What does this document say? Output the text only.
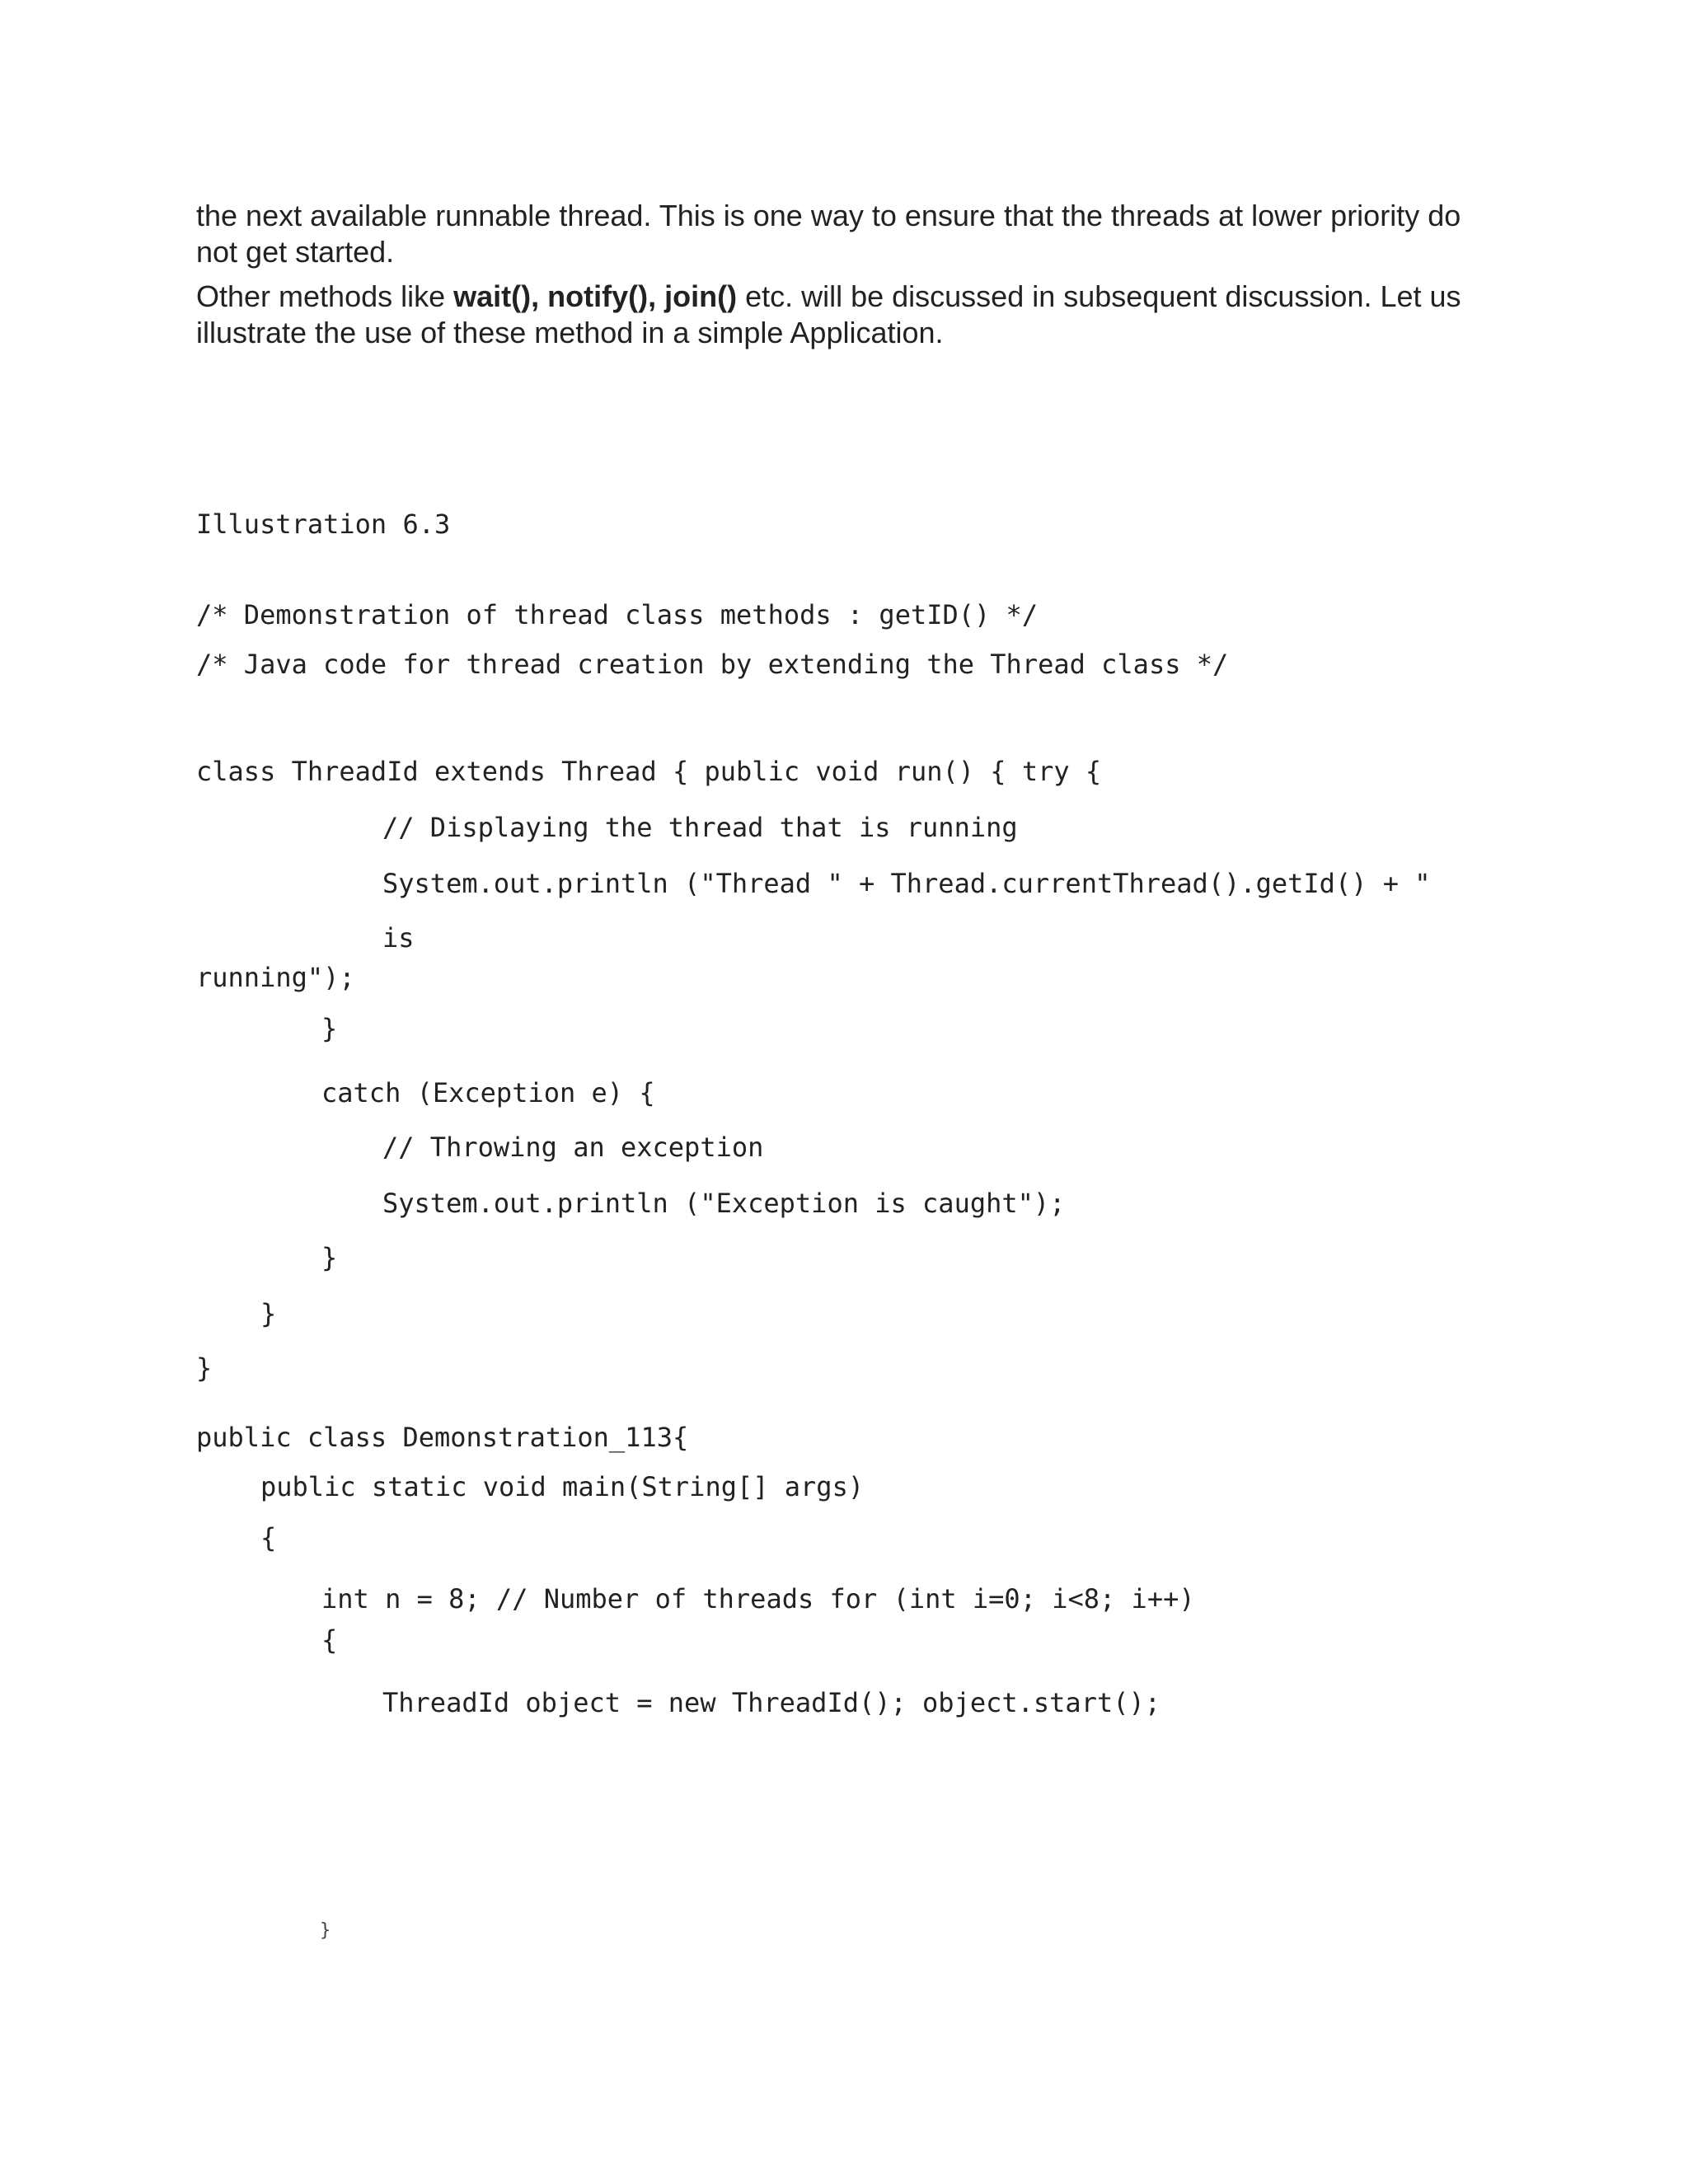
the next available runnable thread. This is one way to ensure that the threads at lower priority do not get started.

Other methods like wait(), notify(), join() etc. will be discussed in subsequent discussion. Let us illustrate the use of these method in a simple Application.

Illustration 6.3
/* Demonstration of thread class methods : getID() */
/* Java code for thread creation by extending the Thread class */
class ThreadId extends Thread { public void run() { try {
// Displaying the thread that is running
System.out.println ("Thread " + Thread.currentThread().getId() + "
is
running");
}
catch (Exception e) {
// Throwing an exception
System.out.println ("Exception is caught");
}
}
}
public class Demonstration_113{
public static void main(String[] args)
{
int n = 8; // Number of threads for (int i=0; i<8; i++)
{
ThreadId object = new ThreadId(); object.start();
}
